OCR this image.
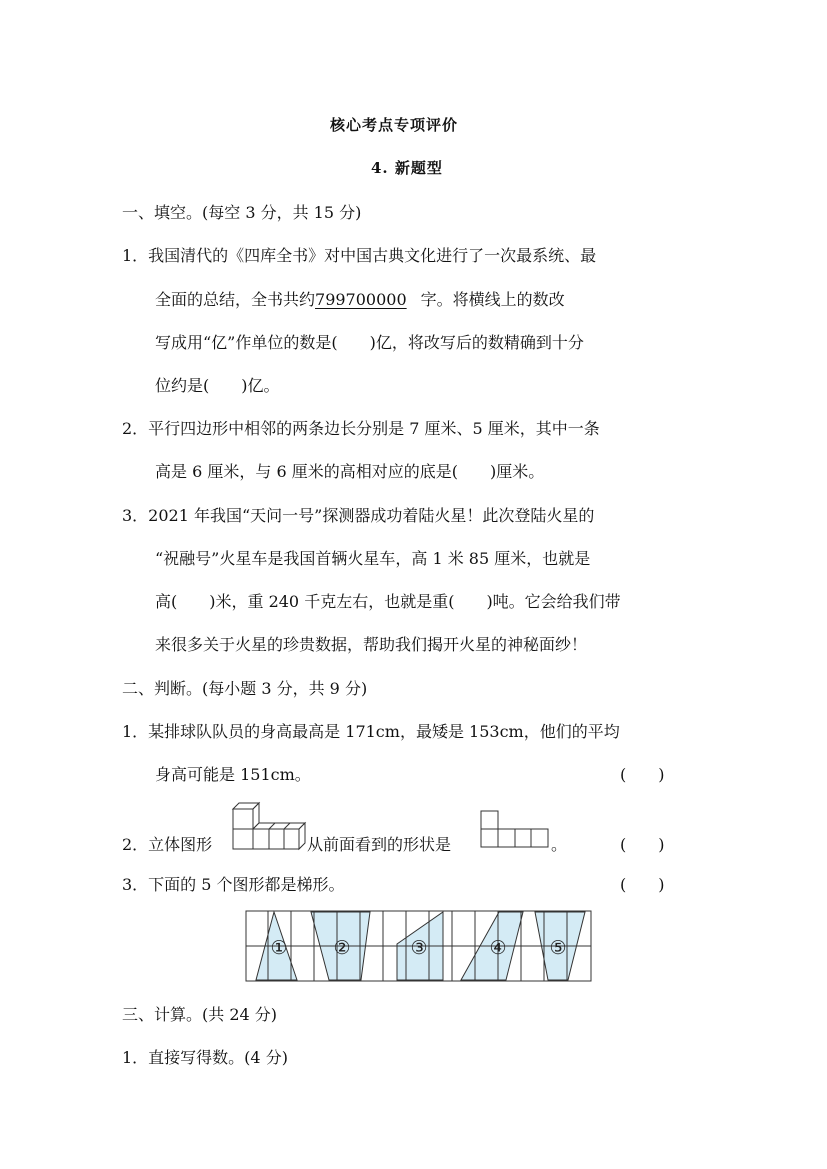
核心考点专项评价
4. 新题型
一、填空。(每空 3 分，共 15 分)
1．我国清代的《四库全书》对中国古典文化进行了一次最系统、最
全面的总结，全书共约799700000 字。将横线上的数改
写成用“亿”作单位的数是(　　)亿，将改写后的数精确到十分
位约是(　　)亿。
2．平行四边形中相邻的两条边长分别是 7 厘米、5 厘米，其中一条
高是 6 厘米，与 6 厘米的高相对应的底是(　　)厘米。
3．2021 年我国“天问一号”探测器成功着陆火星！此次登陆火星的
“祝融号”火星车是我国首辆火星车，高 1 米 85 厘米，也就是
高(　　)米，重 240 千克左右，也就是重(　　)吨。它会给我们带
来很多关于火星的珍贵数据，帮助我们揭开火星的神秘面纱！
二、判断。(每小题 3 分，共 9 分)
1．某排球队队员的身高最高是 171cm，最矮是 153cm，他们的平均
身高可能是 151cm。	(　　)
2．立体图形	从前面看到的形状是	。	(　　)
3．下面的 5 个图形都是梯形。	(　　)
① ②	③	④ ⑤
三、计算。(共 24 分)
1．直接写得数。(4 分)
